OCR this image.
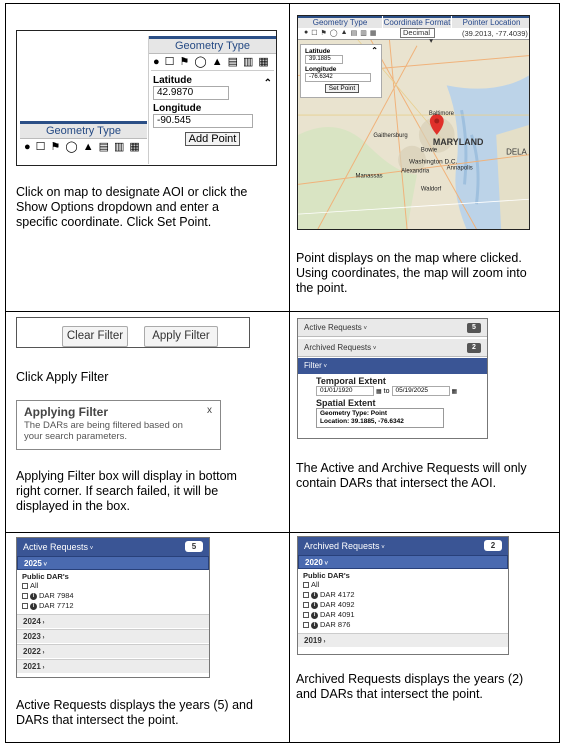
Geometry Type
● ☐ ⚑ ◯ ▲ ▤ ▥ ▦
⌃
Latitude
42.9870
Longitude
-90.545
Add Point
Geometry Type
● ☐ ⚑ ◯ ▲ ▤ ▥ ▦
Click on map to designate AOI or click the
Show Options dropdown and enter a
specific coordinate. Click Set Point.
MARYLAND
DELA
Washington D.C.
Annapolis
Baltimore
Gaithersburg
Bowie
Manassas
Alexandria
Waldorf
Geometry Type	Coordinate Format	Pointer Location
● ☐ ⚑ ◯ ▲ ▤ ▥ ▦	Decimal
▾
(39.2013, -77.4039)
⌃
Latitude
39.1885
Longitude
-76.6342
Set Point
Point displays on the map where clicked.
Using coordinates, the map will zoom into
the point.
Clear Filter	Apply Filter
Click Apply Filter
Applying Filter	x
The DARs are being filtered based on
your search parameters.
Applying Filter box will display in bottom
right corner. If search failed, it will be
displayed in the box.
Active Requests ˅	5
Archived Requests ˅	2
Filter ˅
Temporal Extent
01/01/1920	▦ to 05/19/2025	▦
Spatial Extent
Geometry Type: Point
Location: 39.1885, -76.6342
The Active and Archive Requests will only
contain DARs that intersect the AOI.
Active Requests ˅	5
2025 ˅
Public DAR's
All
i DAR 7984
i DAR 7712
2024 ›
2023 ›
2022 ›
2021 ›
Active Requests displays the years (5) and
DARs that intersect the point.
Archived Requests ˅	2
2020 ˅
Public DAR's
All
i DAR 4172
i DAR 4092
i DAR 4091
i DAR 876
2019 ›
Archived Requests displays the years (2)
and DARs that intersect the point.
